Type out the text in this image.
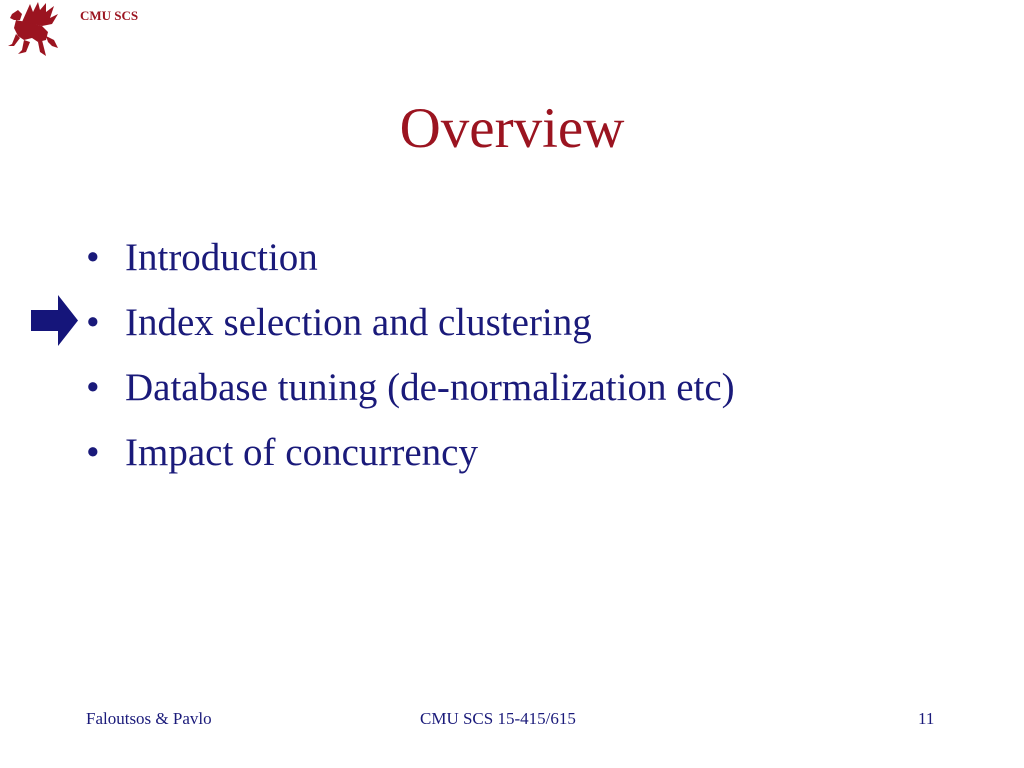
CMU SCS
Overview
• Introduction
• Index selection and clustering
• Database tuning (de-normalization etc)
• Impact of concurrency
Faloutsos & Pavlo	CMU SCS 15-415/615	11
